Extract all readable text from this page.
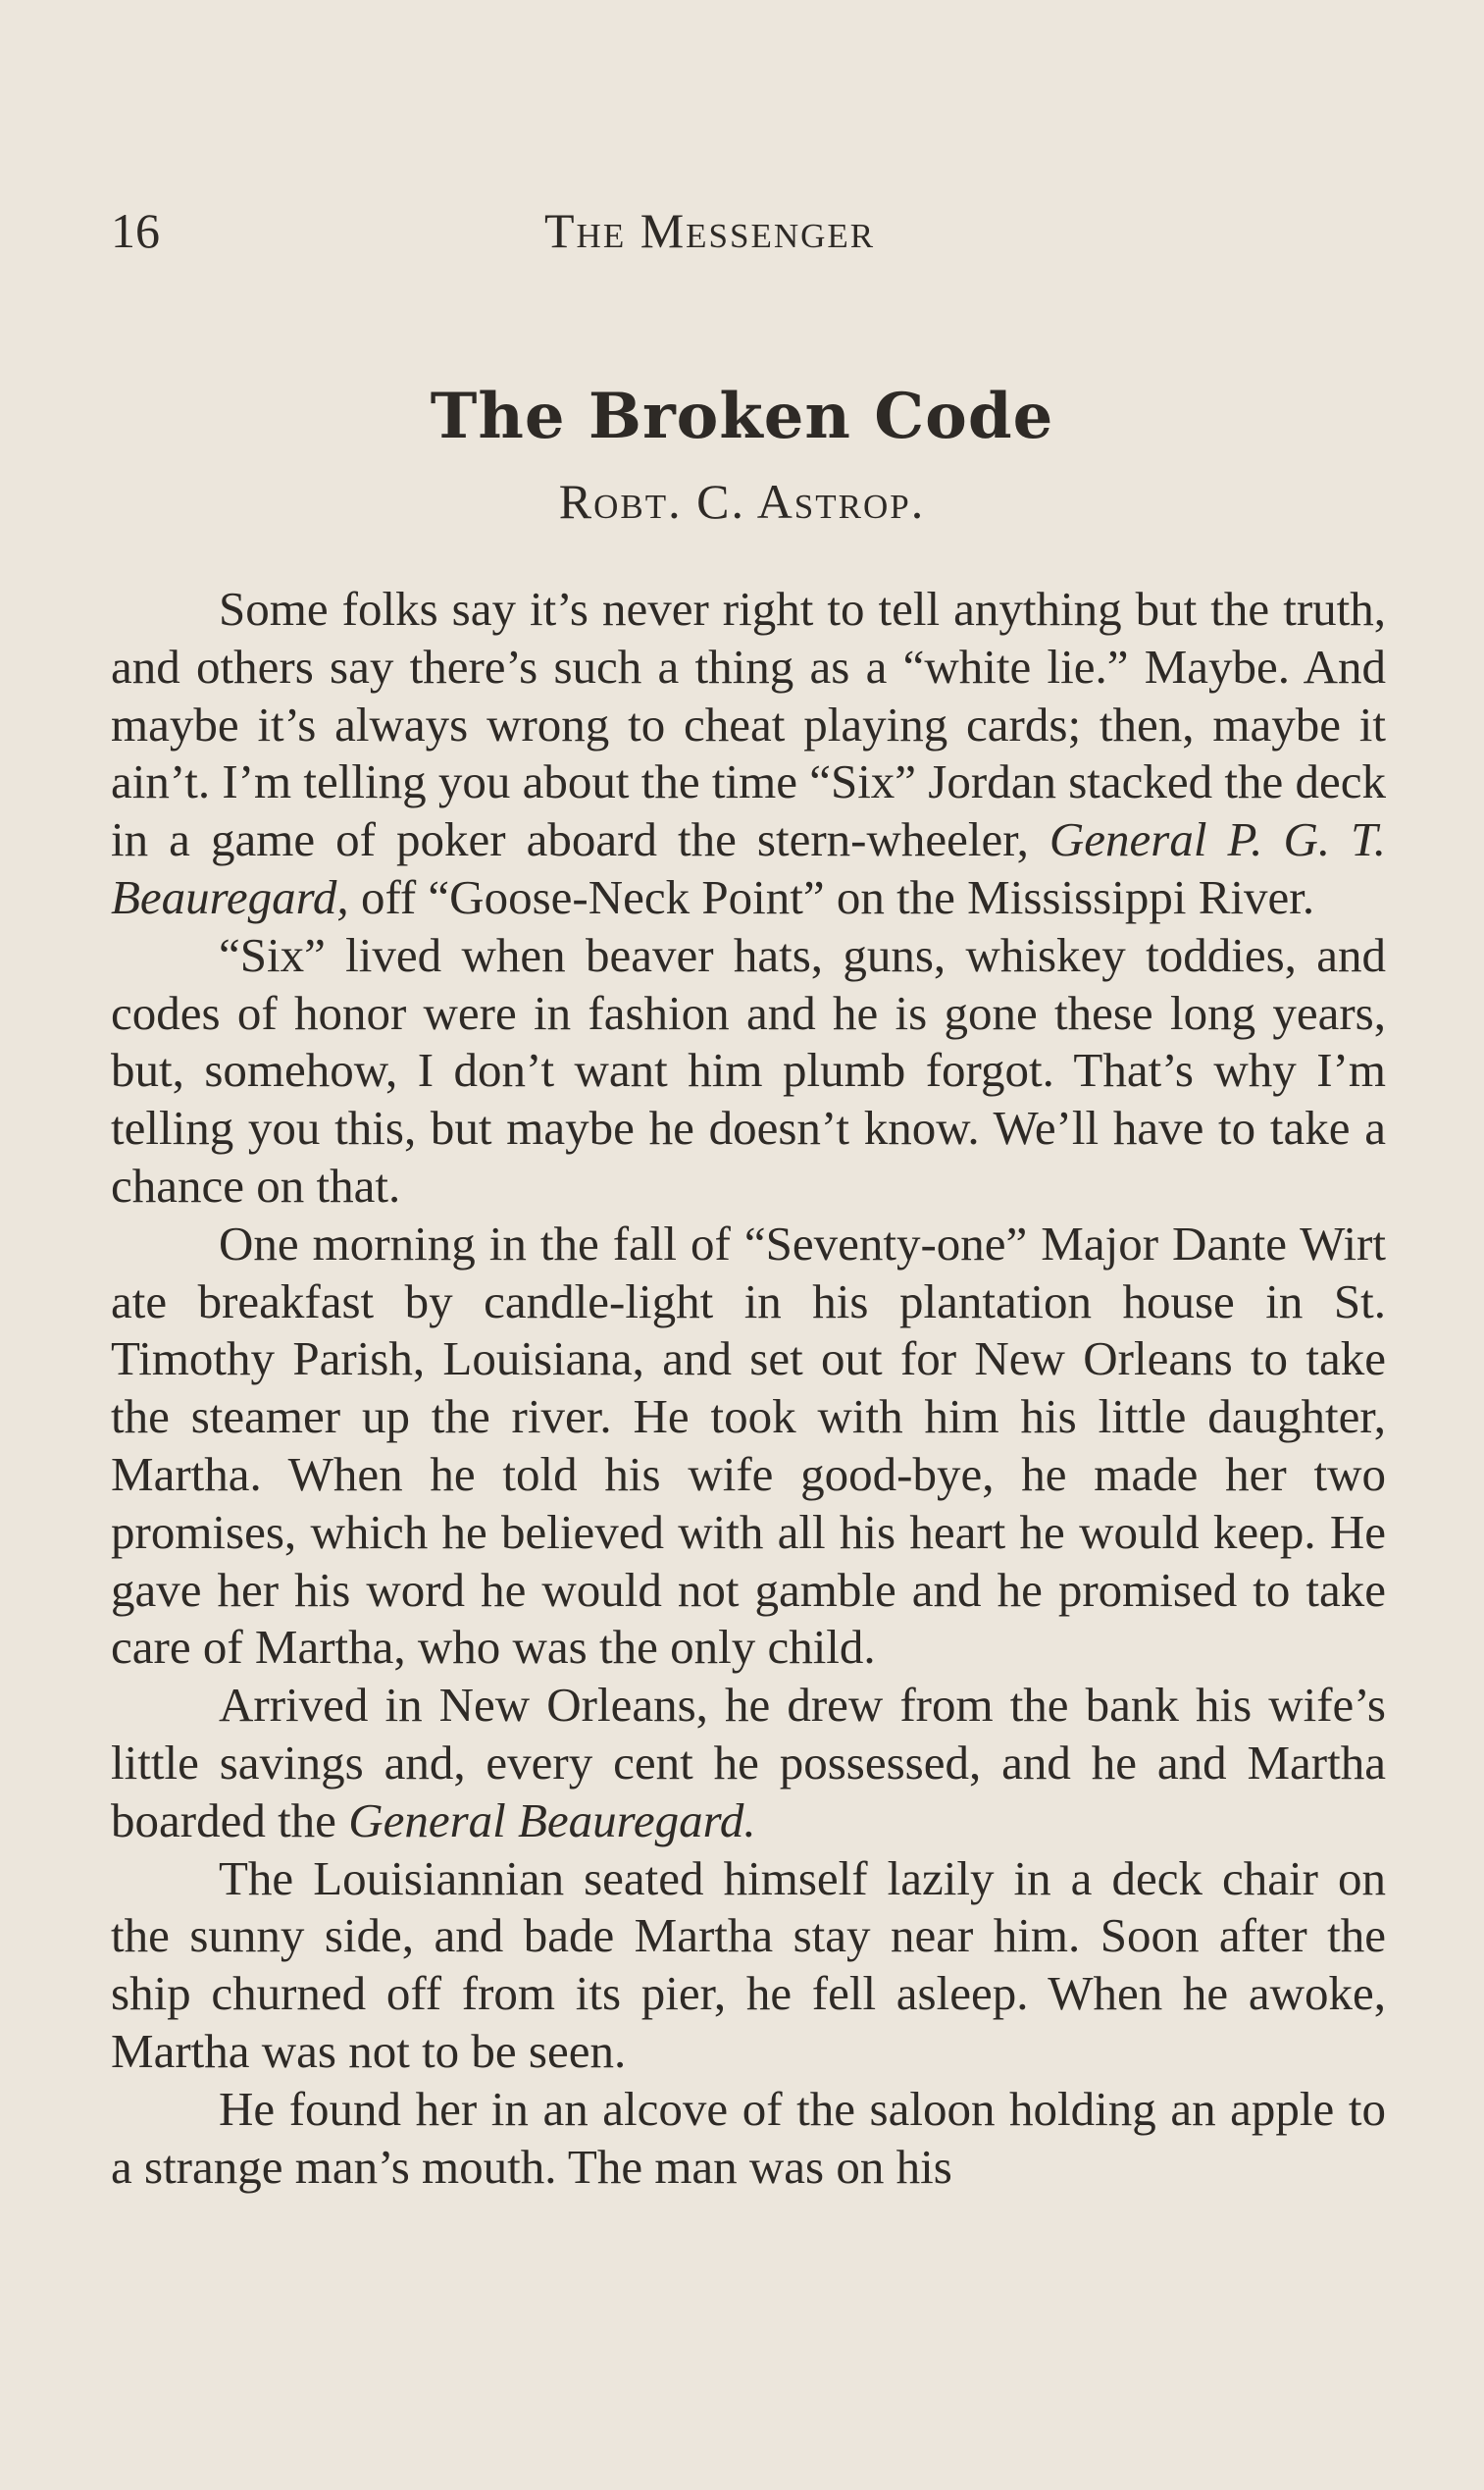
16	The Messenger
The Broken Code
Robt. C. Astrop.

Some folks say it’s never right to tell anything but the truth, and others say there’s such a thing as a “white lie.” Maybe. And maybe it’s always wrong to cheat playing cards; then, maybe it ain’t. I’m telling you about the time “Six” Jordan stacked the deck in a game of poker aboard the stern-wheeler, General P. G. T. Beauregard, off “Goose-Neck Point” on the Mississippi River.

“Six” lived when beaver hats, guns, whiskey toddies, and codes of honor were in fashion and he is gone these long years, but, somehow, I don’t want him plumb forgot. That’s why I’m telling you this, but maybe he doesn’t know. We’ll have to take a chance on that.

One morning in the fall of “Seventy-one” Major Dante Wirt ate breakfast by candle-light in his plantation house in St. Timothy Parish, Louisiana, and set out for New Orleans to take the steamer up the river. He took with him his little daughter, Martha. When he told his wife good-bye, he made her two promises, which he believed with all his heart he would keep. He gave her his word he would not gamble and he promised to take care of Martha, who was the only child.

Arrived in New Orleans, he drew from the bank his wife’s little savings and, every cent he possessed, and he and Martha boarded the General Beauregard.

The Louisiannian seated himself lazily in a deck chair on the sunny side, and bade Martha stay near him. Soon after the ship churned off from its pier, he fell asleep. When he awoke, Martha was not to be seen.

He found her in an alcove of the saloon holding an apple to a strange man’s mouth. The man was on his
